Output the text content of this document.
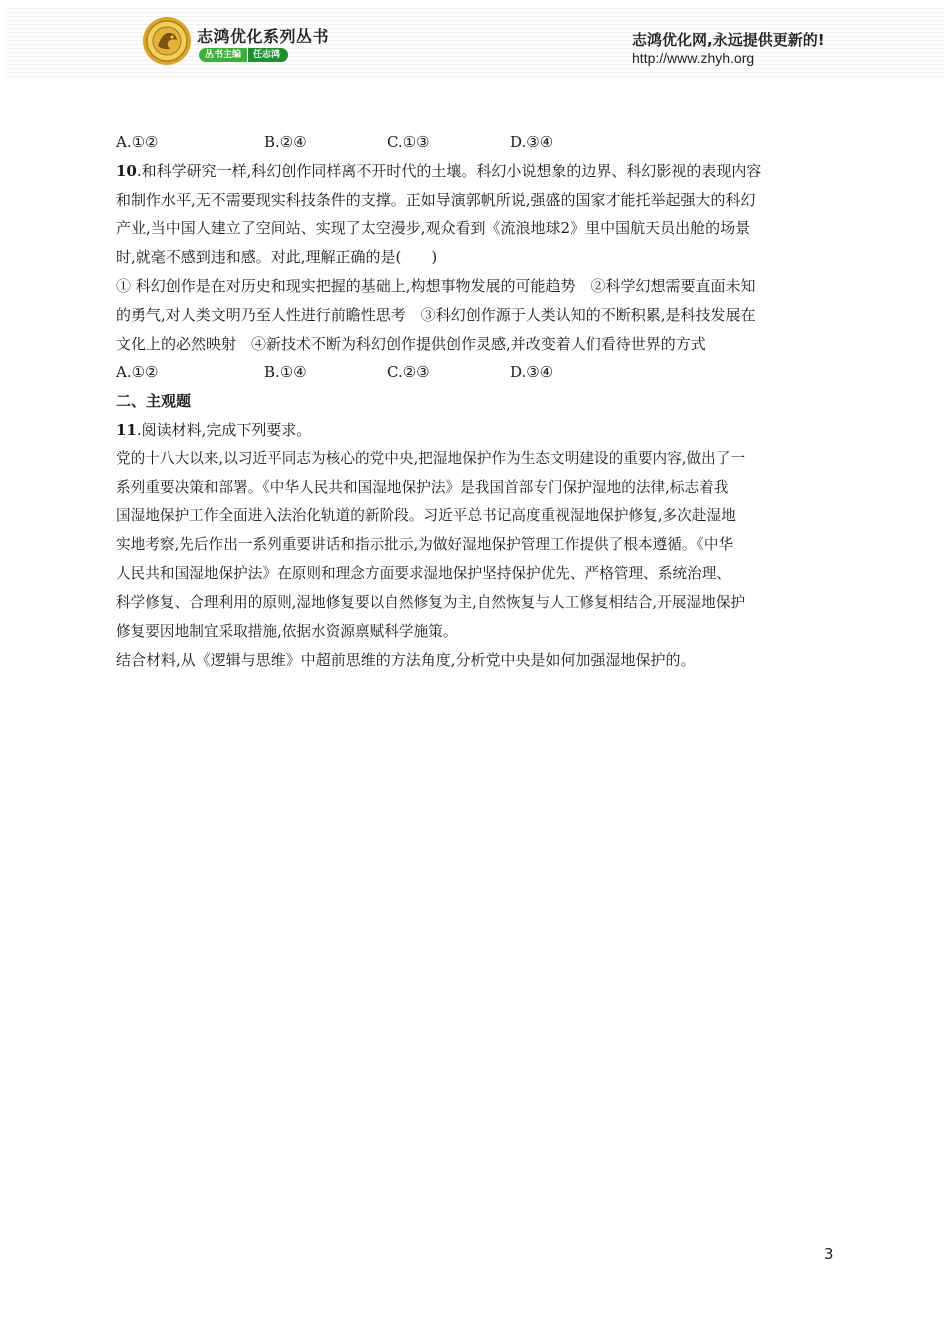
志鸿优化系列丛书
丛书主编	任志鸿
志鸿优化网,永远提供更新的!
http://www.zhyh.org
A.①②	B.②④	C.①③	D.③④
10.和科学研究一样,科幻创作同样离不开时代的土壤。科幻小说想象的边界、科幻影视的表现内容
和制作水平,无不需要现实科技条件的支撑。正如导演郭帆所说,强盛的国家才能托举起强大的科幻
产业,当中国人建立了空间站、实现了太空漫步,观众看到《流浪地球2》里中国航天员出舱的场景
时,就毫不感到违和感。对此,理解正确的是(　　)
① 科幻创作是在对历史和现实把握的基础上,构想事物发展的可能趋势　②科学幻想需要直面未知
的勇气,对人类文明乃至人性进行前瞻性思考　③科幻创作源于人类认知的不断积累,是科技发展在
文化上的必然映射　④新技术不断为科幻创作提供创作灵感,并改变着人们看待世界的方式
A.①②	B.①④	C.②③	D.③④
二、主观题
11.阅读材料,完成下列要求。
党的十八大以来,以习近平同志为核心的党中央,把湿地保护作为生态文明建设的重要内容,做出了一
系列重要决策和部署。《中华人民共和国湿地保护法》是我国首部专门保护湿地的法律,标志着我
国湿地保护工作全面进入法治化轨道的新阶段。习近平总书记高度重视湿地保护修复,多次赴湿地
实地考察,先后作出一系列重要讲话和指示批示,为做好湿地保护管理工作提供了根本遵循。《中华
人民共和国湿地保护法》在原则和理念方面要求湿地保护坚持保护优先、严格管理、系统治理、
科学修复、合理利用的原则,湿地修复要以自然修复为主,自然恢复与人工修复相结合,开展湿地保护
修复要因地制宜采取措施,依据水资源禀赋科学施策。
结合材料,从《逻辑与思维》中超前思维的方法角度,分析党中央是如何加强湿地保护的。
3
